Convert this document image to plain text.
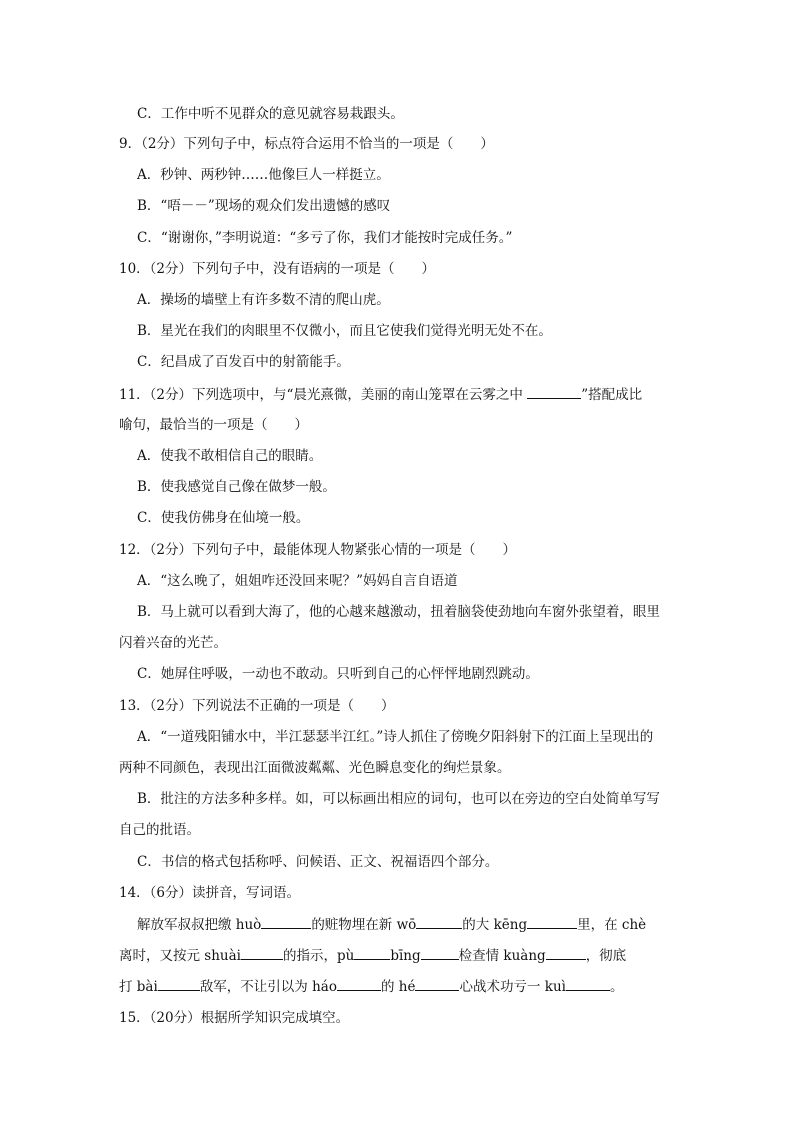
C．工作中听不见群众的意见就容易栽跟头。
9．（2分）下列句子中，标点符合运用不恰当的一项是（　　）
A．秒钟、两秒钟……他像巨人一样挺立。
B．“唔－－”现场的观众们发出遗憾的感叹
C．“谢谢你，”李明说道：“多亏了你，我们才能按时完成任务。”
10．（2分）下列句子中，没有语病的一项是（　　）
A．操场的墙壁上有许多数不清的爬山虎。
B．星光在我们的肉眼里不仅微小，而且它使我们觉得光明无处不在。
C．纪昌成了百发百中的射箭能手。
11．（2分）下列选项中，与“晨光熹微，美丽的南山笼罩在云雾之中	”搭配成比
喻句，最恰当的一项是（　　）
A．使我不敢相信自己的眼睛。
B．使我感觉自己像在做梦一般。
C．使我仿佛身在仙境一般。
12．（2分）下列句子中，最能体现人物紧张心情的一项是（　　）
A．“这么晚了，姐姐咋还没回来呢？”妈妈自言自语道
B．马上就可以看到大海了，他的心越来越激动，扭着脑袋使劲地向车窗外张望着，眼里
闪着兴奋的光芒。
C．她屏住呼吸，一动也不敢动。只听到自己的心怦怦地剧烈跳动。
13．（2分）下列说法不正确的一项是（　　）
A．“一道残阳铺水中，半江瑟瑟半江红。”诗人抓住了傍晚夕阳斜射下的江面上呈现出的
两种不同颜色，表现出江面微波粼粼、光色瞬息变化的绚烂景象。
B．批注的方法多种多样。如，可以标画出相应的词句，也可以在旁边的空白处简单写写
自己的批语。
C．书信的格式包括称呼、问候语、正文、祝福语四个部分。
14．（6分）读拼音，写词语。
解放军叔叔把缴 huò	的赃物埋在新 wō	的大 kēng	里，在 chè
离时，又按元 shuài	的指示，pù	bīng	检查情 kuàng	，彻底
打 bài	敌军，不让引以为 háo	的 hé	心战术功亏一 kuì	。
15．（20分）根据所学知识完成填空。
